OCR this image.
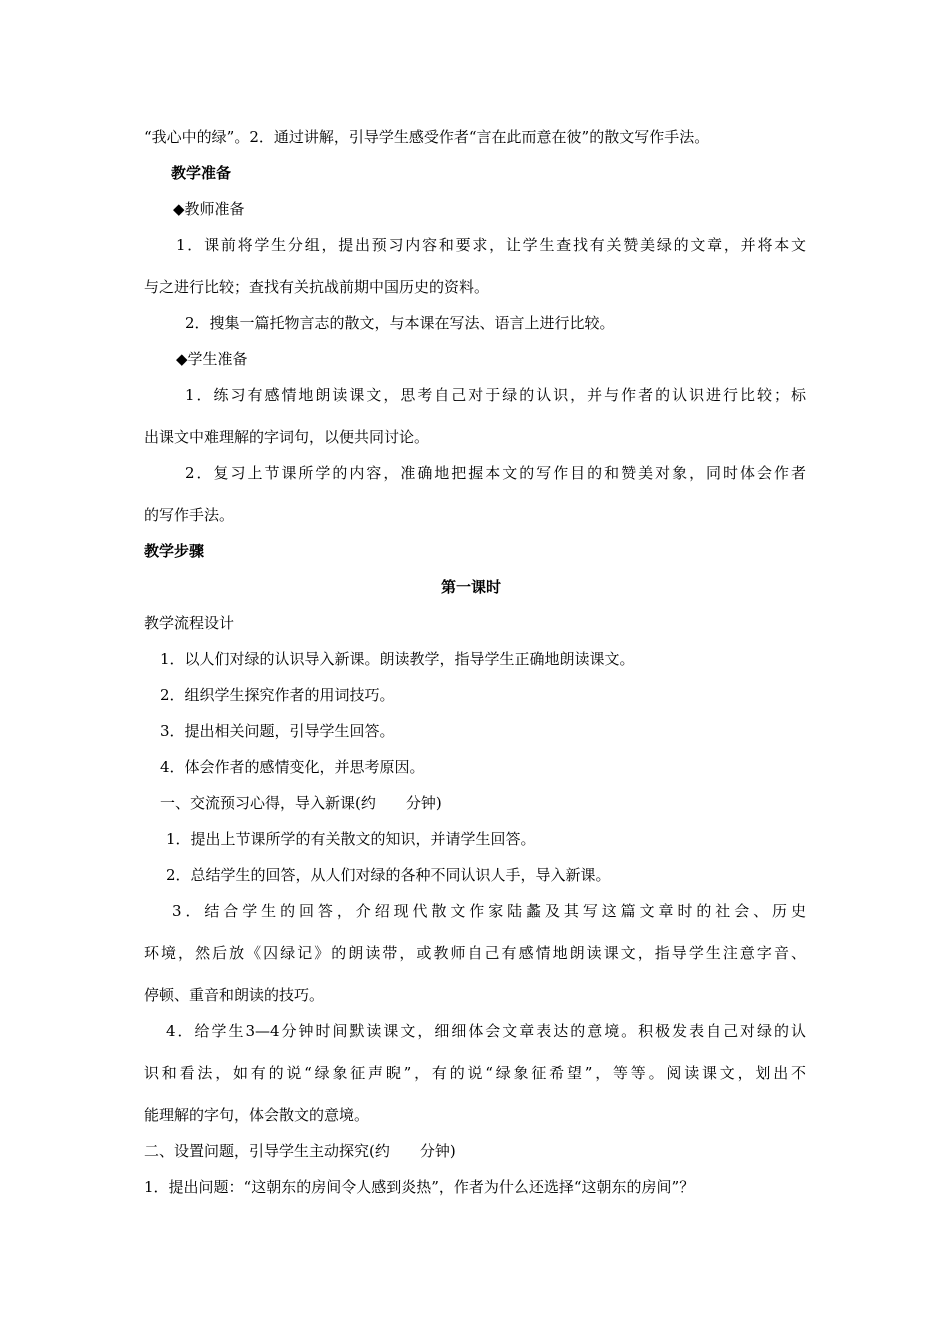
“我心中的绿”。2．通过讲解，引导学生感受作者“言在此而意在彼”的散文写作手法。
教学准备
◆教师准备
1．课前将学生分组，提出预习内容和要求，让学生查找有关赞美绿的文章，并将本文
与之进行比较；查找有关抗战前期中国历史的资料。
2．搜集一篇托物言志的散文，与本课在写法、语言上进行比较。
◆学生准备
1．练习有感情地朗读课文，思考自己对于绿的认识，并与作者的认识进行比较；标
出课文中难理解的字词句，以便共同讨论。
2．复习上节课所学的内容，准确地把握本文的写作目的和赞美对象，同时体会作者
的写作手法。
教学步骤
第一课时
教学流程设计
1．以人们对绿的认识导入新课。朗读教学，指导学生正确地朗读课文。
2．组织学生探究作者的用词技巧。
3．提出相关问题，引导学生回答。
4．体会作者的感情变化，并思考原因。
一、交流预习心得，导入新课(约　　分钟)
1．提出上节课所学的有关散文的知识，并请学生回答。
2．总结学生的回答，从人们对绿的各种不同认识人手，导入新课。
3．结合学生的回答，介绍现代散文作家陆蠡及其写这篇文章时的社会、历史
环境，然后放《囚绿记》的朗读带，或教师自己有感情地朗读课文，指导学生注意字音、
停顿、重音和朗读的技巧。
4．给学生3—4分钟时间默读课文，细细体会文章表达的意境。积极发表自己对绿的认
识和看法，如有的说“绿象征声睨”，有的说“绿象征希望”，等等。阅读课文，划出不
能理解的字句，体会散文的意境。
二、设置问题，引导学生主动探究(约　　分钟)
1．提出问题：“这朝东的房间令人感到炎热”，作者为什么还选择“这朝东的房间”？
